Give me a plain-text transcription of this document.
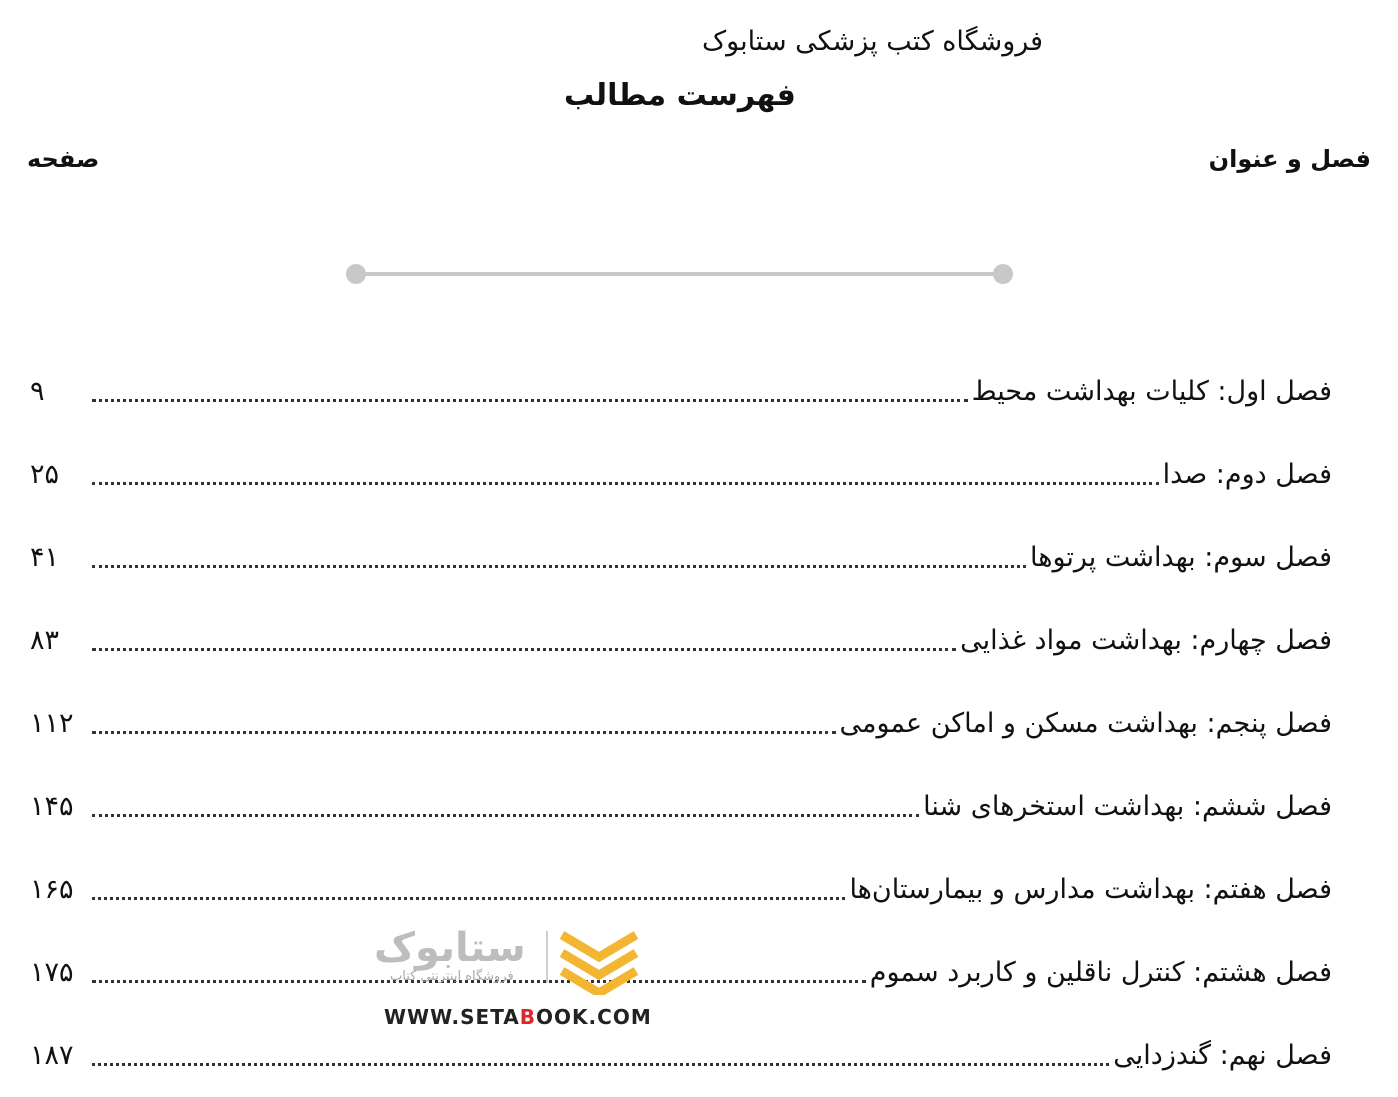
فروشگاه کتب پزشکی ستابوک
فهرست مطالب
فصل و عنوان
صفحه
فصل اول: کلیات بهداشت محیط
۹
فصل دوم: صدا
۲۵
فصل سوم: بهداشت پرتوها
۴۱
فصل چهارم: بهداشت مواد غذایی
۸۳
فصل پنجم: بهداشت مسکن و اماکن عمومی
۱۱۲
فصل ششم: بهداشت استخرهای شنا
۱۴۵
فصل هفتم: بهداشت مدارس و بیمارستان‌ها
۱۶۵
فصل هشتم: کنترل ناقلین و کاربرد سموم
۱۷۵
فصل نهم: گندزدایی
۱۸۷
ستابوک
فروشگاه اینترنتی کتاب
WWW.SETABOOK.COM
